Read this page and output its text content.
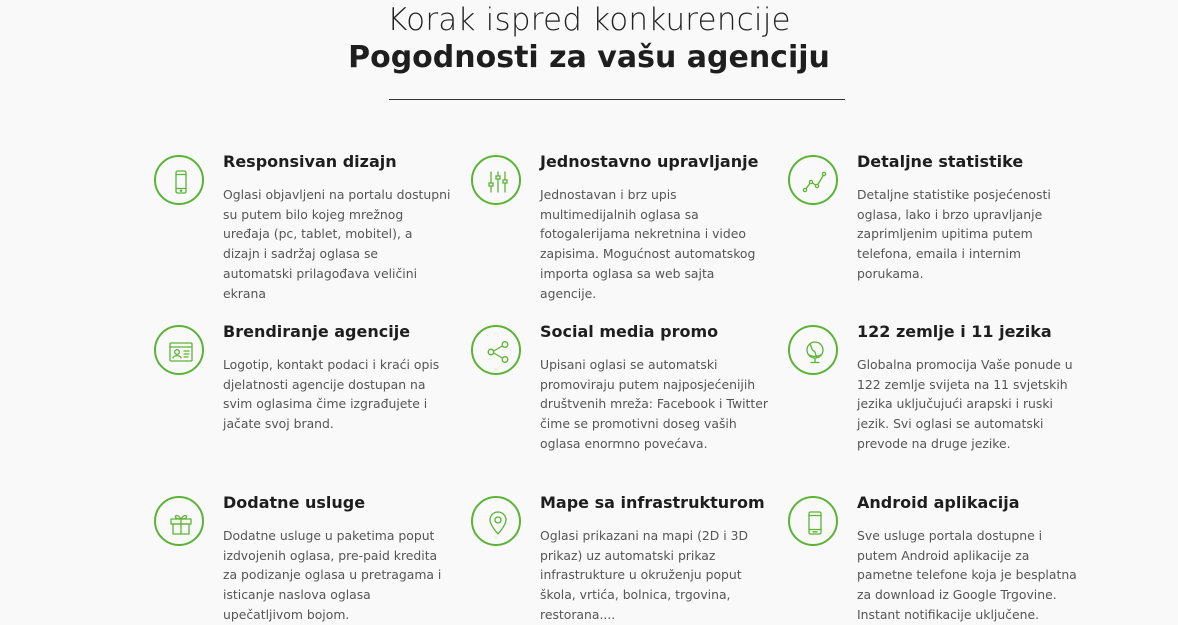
Korak ispred konkurencije
Pogodnosti za vašu agenciju
Responsivan dizajn
Oglasi objavljeni na portalu dostupni su putem bilo kojeg mrežnog uređaja (pc, tablet, mobitel), a dizajn i sadržaj oglasa se automatski prilagođava veličini ekrana
Jednostavno upravljanje
Jednostavan i brz upis multimedijalnih oglasa sa fotogalerijama nekretnina i video zapisima. Mogućnost automatskog importa oglasa sa web sajta agencije.
Detaljne statistike
Detaljne statistike posjećenosti oglasa, lako i brzo upravljanje zaprimljenim upitima putem telefona, emaila i internim porukama.
Brendiranje agencije
Logotip, kontakt podaci i kraći opis djelatnosti agencije dostupan na svim oglasima čime izgrađujete i jačate svoj brand.
Social media promo
Upisani oglasi se automatski promoviraju putem najposjećenijih društvenih mreža: Facebook i Twitter čime se promotivni doseg vaših oglasa enormno povećava.
122 zemlje i 11 jezika
Globalna promocija Vaše ponude u 122 zemlje svijeta na 11 svjetskih jezika uključujući arapski i ruski jezik. Svi oglasi se automatski prevode na druge jezike.
Dodatne usluge
Dodatne usluge u paketima poput izdvojenih oglasa, pre-paid kredita za podizanje oglasa u pretragama i isticanje naslova oglasa upečatljivom bojom.
Mape sa infrastrukturom
Oglasi prikazani na mapi (2D i 3D prikaz) uz automatski prikaz infrastrukture u okruženju poput škola, vrtića, bolnica, trgovina, restorana....
Android aplikacija
Sve usluge portala dostupne i putem Android aplikacije za pametne telefone koja je besplatna za download iz Google Trgovine. Instant notifikacije uključene.
